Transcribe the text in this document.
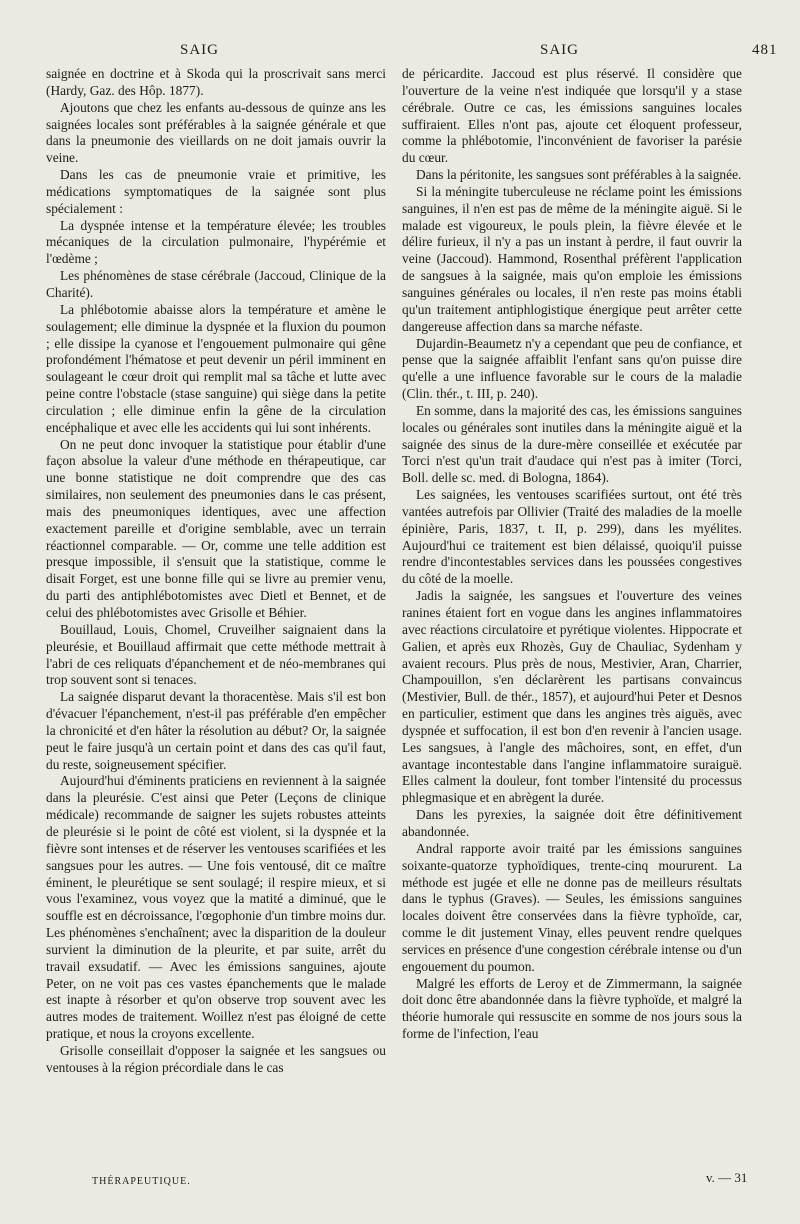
SAIG	SAIG	481

saignée en doctrine et à Skoda qui la proscrivait sans merci (Hardy, Gaz. des Hôp. 1877).

Ajoutons que chez les enfants au-dessous de quinze ans les saignées locales sont préférables à la saignée générale et que dans la pneumonie des vieillards on ne doit jamais ouvrir la veine.

Dans les cas de pneumonie vraie et primitive, les médications symptomatiques de la saignée sont plus spécialement :

La dyspnée intense et la température élevée; les troubles mécaniques de la circulation pulmonaire, l'hypérémie et l'œdème ;

Les phénomènes de stase cérébrale (Jaccoud, Clinique de la Charité).

La phlébotomie abaisse alors la température et amène le soulagement; elle diminue la dyspnée et la fluxion du poumon ; elle dissipe la cyanose et l'engouement pulmonaire qui gêne profondément l'hématose et peut devenir un péril imminent en soulageant le cœur droit qui remplit mal sa tâche et lutte avec peine contre l'obstacle (stase sanguine) qui siège dans la petite circulation ; elle diminue enfin la gêne de la circulation encéphalique et avec elle les accidents qui lui sont inhérents.

On ne peut donc invoquer la statistique pour établir d'une façon absolue la valeur d'une méthode en thérapeutique, car une bonne statistique ne doit comprendre que des cas similaires, non seulement des pneumonies dans le cas présent, mais des pneumoniques identiques, avec une affection exactement pareille et d'origine semblable, avec un terrain réactionnel comparable. — Or, comme une telle addition est presque impossible, il s'ensuit que la statistique, comme le disait Forget, est une bonne fille qui se livre au premier venu, du parti des antiphlébotomistes avec Dietl et Bennet, et de celui des phlébotomistes avec Grisolle et Béhier.

Bouillaud, Louis, Chomel, Cruveilher saignaient dans la pleurésie, et Bouillaud affirmait que cette méthode mettrait à l'abri de ces reliquats d'épanchement et de néo-membranes qui trop souvent sont si tenaces.

La saignée disparut devant la thoracentèse. Mais s'il est bon d'évacuer l'épanchement, n'est-il pas préférable d'en empêcher la chronicité et d'en hâter la résolution au début? Or, la saignée peut le faire jusqu'à un certain point et dans des cas qu'il faut, du reste, soigneusement spécifier.

Aujourd'hui d'éminents praticiens en reviennent à la saignée dans la pleurésie. C'est ainsi que Peter (Leçons de clinique médicale) recommande de saigner les sujets robustes atteints de pleurésie si le point de côté est violent, si la dyspnée et la fièvre sont intenses et de réserver les ventouses scarifiées et les sangsues pour les autres. — Une fois ventousé, dit ce maître éminent, le pleurétique se sent soulagé; il respire mieux, et si vous l'examinez, vous voyez que la matité a diminué, que le souffle est en décroissance, l'œgophonie d'un timbre moins dur. Les phénomènes s'enchaînent; avec la disparition de la douleur survient la diminution de la pleurite, et par suite, arrêt du travail exsudatif. — Avec les émissions sanguines, ajoute Peter, on ne voit pas ces vastes épanchements que le malade est inapte à résorber et qu'on observe trop souvent avec les autres modes de traitement. Woillez n'est pas éloigné de cette pratique, et nous la croyons excellente.

Grisolle conseillait d'opposer la saignée et les sangsues ou ventouses à la région précordiale dans le cas

de péricardite. Jaccoud est plus réservé. Il considère que l'ouverture de la veine n'est indiquée que lorsqu'il y a stase cérébrale. Outre ce cas, les émissions sanguines locales suffiraient. Elles n'ont pas, ajoute cet éloquent professeur, comme la phlébotomie, l'inconvénient de favoriser la parésie du cœur.

Dans la péritonite, les sangsues sont préférables à la saignée.

Si la méningite tuberculeuse ne réclame point les émissions sanguines, il n'en est pas de même de la méningite aiguë. Si le malade est vigoureux, le pouls plein, la fièvre élevée et le délire furieux, il n'y a pas un instant à perdre, il faut ouvrir la veine (Jaccoud). Hammond, Rosenthal préfèrent l'application de sangsues à la saignée, mais qu'on emploie les émissions sanguines générales ou locales, il n'en reste pas moins établi qu'un traitement antiphlogistique énergique peut arrêter cette dangereuse affection dans sa marche néfaste.

Dujardin-Beaumetz n'y a cependant que peu de confiance, et pense que la saignée affaiblit l'enfant sans qu'on puisse dire qu'elle a une influence favorable sur le cours de la maladie (Clin. thér., t. III, p. 240).

En somme, dans la majorité des cas, les émissions sanguines locales ou générales sont inutiles dans la méningite aiguë et la saignée des sinus de la dure-mère conseillée et exécutée par Torci n'est qu'un trait d'audace qui n'est pas à imiter (Torci, Boll. delle sc. med. di Bologna, 1864).

Les saignées, les ventouses scarifiées surtout, ont été très vantées autrefois par Ollivier (Traité des maladies de la moelle épinière, Paris, 1837, t. II, p. 299), dans les myélites. Aujourd'hui ce traitement est bien délaissé, quoiqu'il puisse rendre d'incontestables services dans les poussées congestives du côté de la moelle.

Jadis la saignée, les sangsues et l'ouverture des veines ranines étaient fort en vogue dans les angines inflammatoires avec réactions circulatoire et pyrétique violentes. Hippocrate et Galien, et après eux Rhozès, Guy de Chauliac, Sydenham y avaient recours. Plus près de nous, Mestivier, Aran, Charrier, Champouillon, s'en déclarèrent les partisans convaincus (Mestivier, Bull. de thér., 1857), et aujourd'hui Peter et Desnos en particulier, estiment que dans les angines très aiguës, avec dyspnée et suffocation, il est bon d'en revenir à l'ancien usage. Les sangsues, à l'angle des mâchoires, sont, en effet, d'un avantage incontestable dans l'angine inflammatoire suraiguë. Elles calment la douleur, font tomber l'intensité du processus phlegmasique et en abrègent la durée.

Dans les pyrexies, la saignée doit être définitivement abandonnée.

Andral rapporte avoir traité par les émissions sanguines soixante-quatorze typhoïdiques, trente-cinq moururent. La méthode est jugée et elle ne donne pas de meilleurs résultats dans le typhus (Graves). — Seules, les émissions sanguines locales doivent être conservées dans la fièvre typhoïde, car, comme le dit justement Vinay, elles peuvent rendre quelques services en présence d'une congestion cérébrale intense ou d'un engouement du poumon.

Malgré les efforts de Leroy et de Zimmermann, la saignée doit donc être abandonnée dans la fièvre typhoïde, et malgré la théorie humorale qui ressuscite en somme de nos jours sous la forme de l'infection, l'eau

THÉRAPEUTIQUE.	v. — 31
